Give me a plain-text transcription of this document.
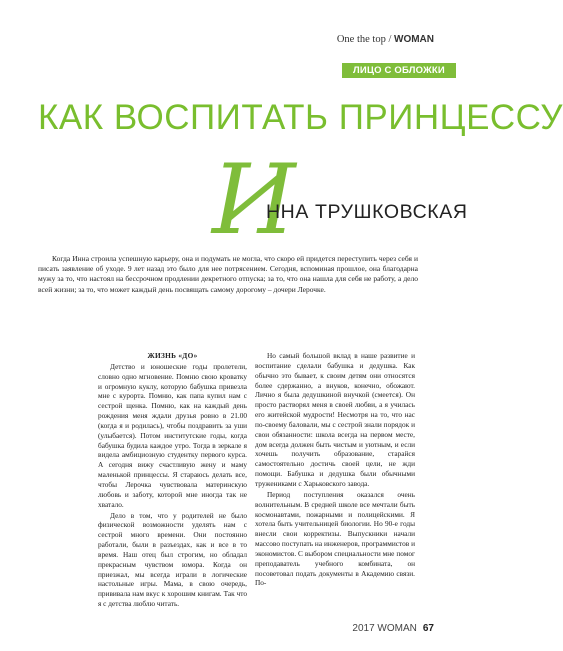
One the top / WOMAN
ЛИЦО С ОБЛОЖКИ
КАК ВОСПИТАТЬ ПРИНЦЕССУ
И
ННА ТРУШКОВСКАЯ

Когда Инна строила успешную карьеру, она и подумать не могла, что скоро ей придется переступить через себя и писать заявление об уходе. 9 лет назад это было для нее потрясением. Сегодня, вспоминая прошлое, она благодарна мужу за то, что настоял на бессрочном продлении декретного отпуска; за то, что она нашла для себя не работу, а дело всей жизни; за то, что может каждый день посвящать самому дорогому – дочери Лерочке.

ЖИЗНЬ «ДО»

Детство и юношеские годы пролетели, словно одно мгновение. Помню свою кроватку и огромную куклу, которую бабушка привезла мне с курорта. Помню, как папа купил нам с сестрой щенка. Помню, как на каждый день рождения меня ждали друзья ровно в 21.00 (когда я и родилась), чтобы поздравить за уши (улыбается). Потом институтские годы, когда бабушка будила каждое утро. Тогда в зеркале я видела амбициозную студентку первого курса. А сегодня вижу счастливую жену и маму маленькой принцессы. Я стараюсь делать все, чтобы Лерочка чувствовала материнскую любовь и заботу, которой мне иногда так не хватало.

Дело в том, что у родителей не было физической возможности уделять нам с сестрой много времени. Они постоянно работали, были в разъездах, как и все в то время. Наш отец был строгим, но обладал прекрасным чувством юмора. Когда он приезжал, мы всегда играли в логические настольные игры. Мама, в свою очередь, прививала нам вкус к хорошим книгам. Так что я с детства люблю читать.

Но самый большой вклад в наше развитие и воспитание сделали бабушка и дедушка. Как обычно это бывает, к своим детям они относятся более сдержанно, а внуков, конечно, обожают. Лично я была дедушкиной внучкой (смеется). Он просто растворял меня в своей любви, а я училась его житейской мудрости! Несмотря на то, что нас по-своему баловали, мы с сестрой знали порядок и свои обязанности: школа всегда на первом месте, дом всегда должен быть чистым и уютным, и если хочешь получить образование, старайся самостоятельно достичь своей цели, не жди помощи. Бабушка и дедушка были обычными тружениками с Харьковского завода.

Период поступления оказался очень волнительным. В средней школе все мечтали быть космонавтами, пожарными и полицейскими. Я хотела быть учительницей биологии. Но 90-е годы внесли свои корректизы. Выпускники начали массово поступать на инженеров, программистов и экономистов. С выбором специальности мне помог преподаватель учебного комбината, он посоветовал подать документы в Академию связи. По-

2017 WOMAN 67
